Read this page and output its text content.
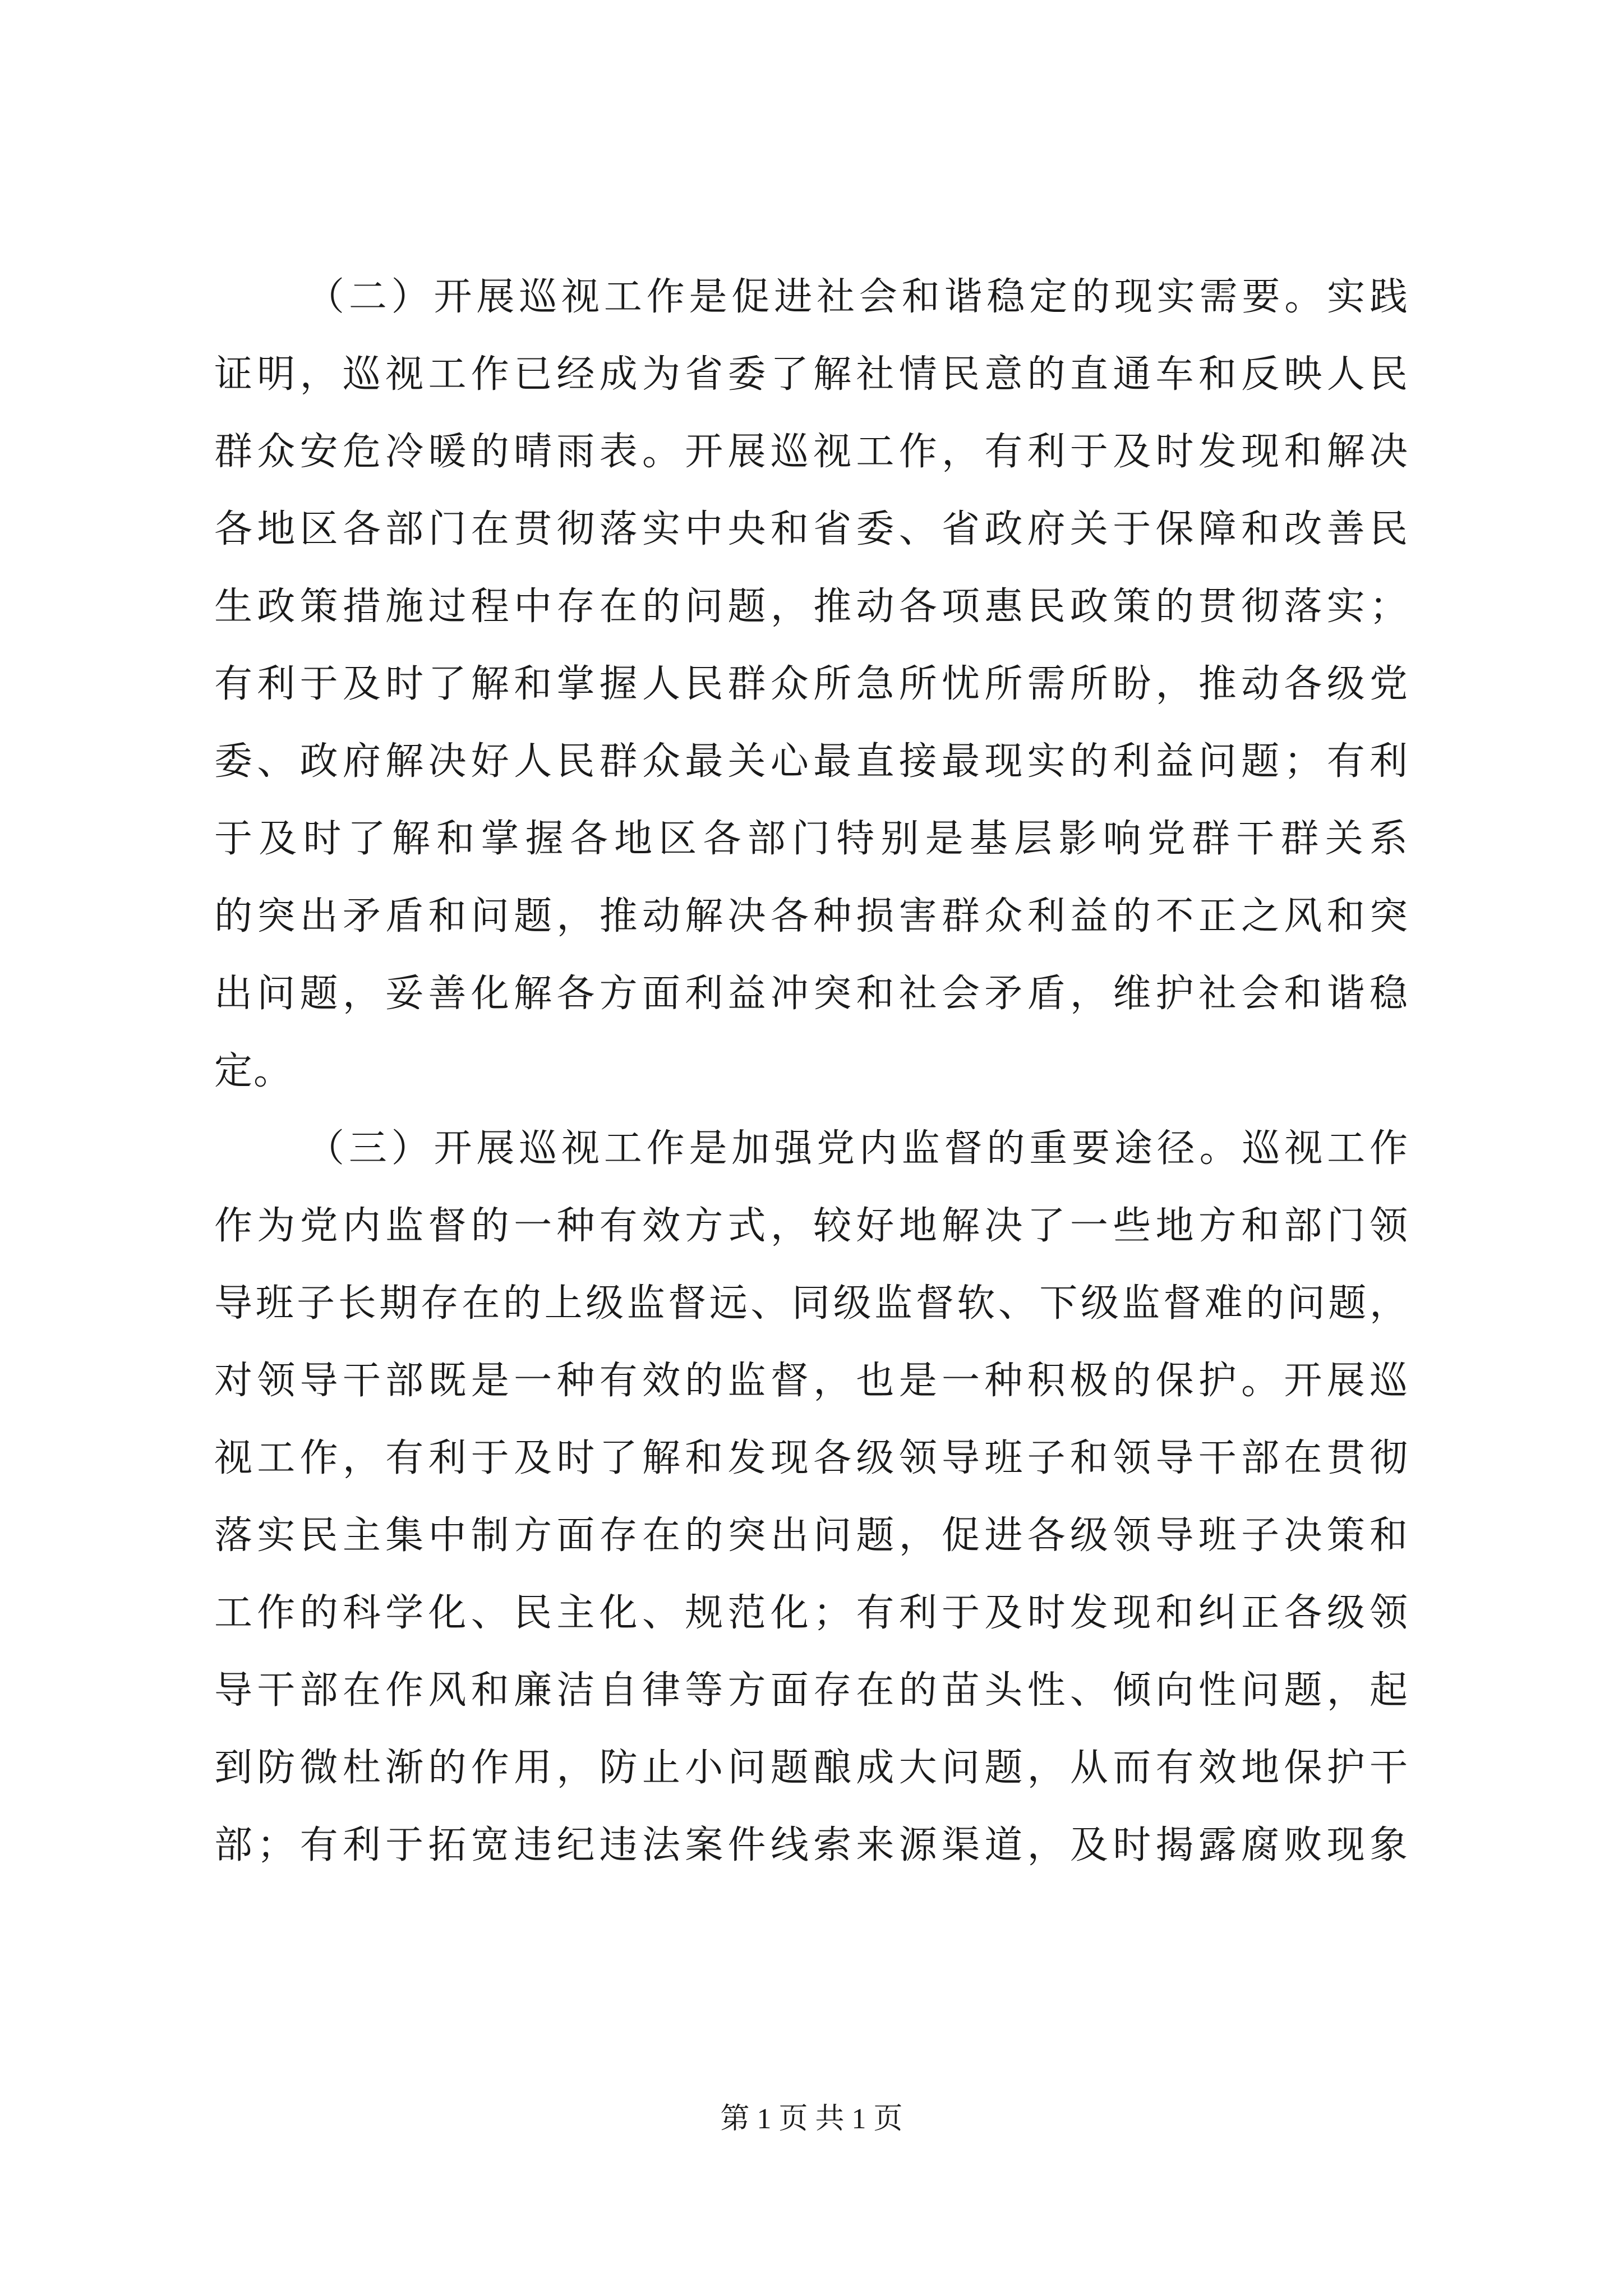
（二）开展巡视工作是促进社会和谐稳定的现实需要。实践
证明，巡视工作已经成为省委了解社情民意的直通车和反映人民
群众安危冷暖的晴雨表。开展巡视工作，有利于及时发现和解决
各地区各部门在贯彻落实中央和省委、省政府关于保障和改善民
生政策措施过程中存在的问题，推动各项惠民政策的贯彻落实；
有利于及时了解和掌握人民群众所急所忧所需所盼，推动各级党
委、政府解决好人民群众最关心最直接最现实的利益问题；有利
于及时了解和掌握各地区各部门特别是基层影响党群干群关系
的突出矛盾和问题，推动解决各种损害群众利益的不正之风和突
出问题，妥善化解各方面利益冲突和社会矛盾，维护社会和谐稳
定。
（三）开展巡视工作是加强党内监督的重要途径。巡视工作
作为党内监督的一种有效方式，较好地解决了一些地方和部门领
导班子长期存在的上级监督远、同级监督软、下级监督难的问题，
对领导干部既是一种有效的监督，也是一种积极的保护。开展巡
视工作，有利于及时了解和发现各级领导班子和领导干部在贯彻
落实民主集中制方面存在的突出问题，促进各级领导班子决策和
工作的科学化、民主化、规范化；有利于及时发现和纠正各级领
导干部在作风和廉洁自律等方面存在的苗头性、倾向性问题，起
到防微杜渐的作用，防止小问题酿成大问题，从而有效地保护干
部；有利于拓宽违纪违法案件线索来源渠道，及时揭露腐败现象
第 1 页 共 1 页
